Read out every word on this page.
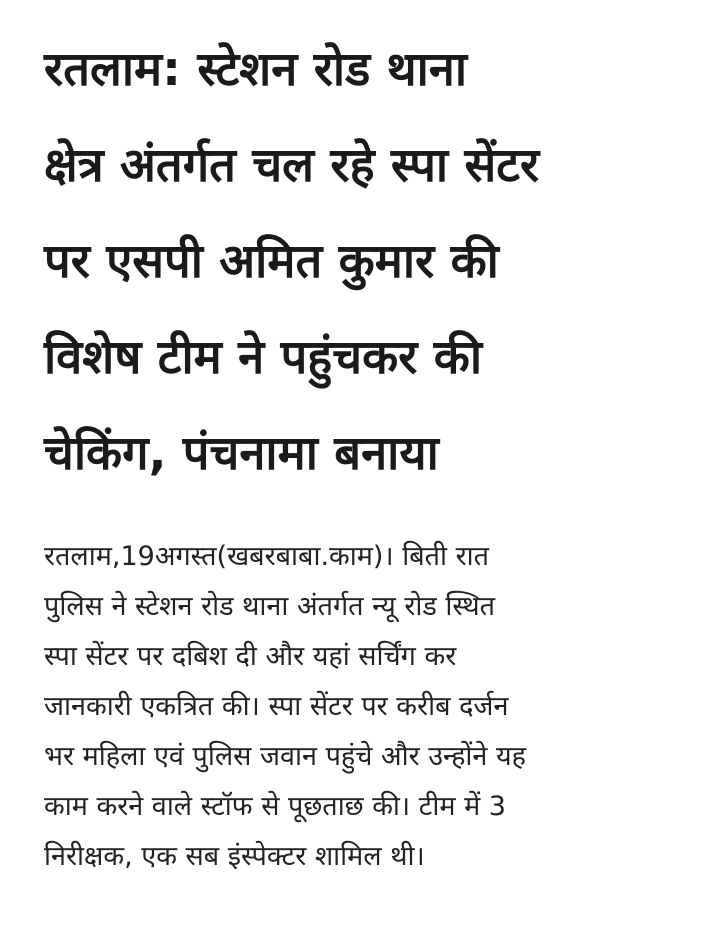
रतलाम: स्टेशन रोड थाना
क्षेत्र अंतर्गत चल रहे स्पा सेंटर
पर एसपी अमित कुमार की
विशेष टीम ने पहुंचकर की
चेकिंग, पंचनामा बनाया

रतलाम,19अगस्त(खबरबाबा.काम)। बिती रात
पुलिस ने स्टेशन रोड थाना अंतर्गत न्यू रोड स्थित
स्पा सेंटर पर दबिश दी और यहां सर्चिंग कर
जानकारी एकत्रित की। स्पा सेंटर पर करीब दर्जन
भर महिला एवं पुलिस जवान पहुंचे और उन्होंने यह
काम करने वाले स्टॉफ से पूछताछ की। टीम में 3
निरीक्षक, एक सब इंस्पेक्टर शामिल थी।
